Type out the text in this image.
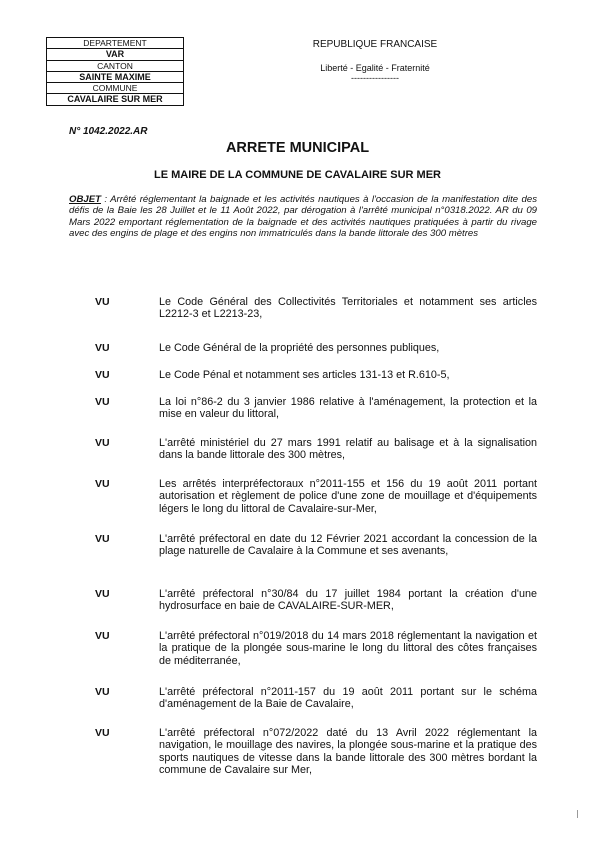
DEPARTEMENT
VAR
CANTON
SAINTE MAXIME
COMMUNE
CAVALAIRE SUR MER
REPUBLIQUE FRANCAISE
Liberté - Egalité - Fraternité
----------------
N° 1042.2022.AR
ARRETE MUNICIPAL
LE MAIRE DE LA COMMUNE DE CAVALAIRE SUR MER
OBJET : Arrêté réglementant la baignade et les activités nautiques à l'occasion de la manifestation dite des défis de la Baie les 28 Juillet et le 11 Août 2022, par dérogation à l'arrêté municipal n°0318.2022. AR du 09 Mars 2022 emportant réglementation de la baignade et des activités nautiques pratiquées à partir du rivage avec des engins de plage et des engins non immatriculés dans la bande littorale des 300 mètres
VU	Le Code Général des Collectivités Territoriales et notamment ses articles L2212-3 et L2213-23,
VU	Le Code Général de la propriété des personnes publiques,
VU	Le Code Pénal et notamment ses articles 131-13 et R.610-5,
VU	La loi n°86-2 du 3 janvier 1986 relative à l'aménagement, la protection et la mise en valeur du littoral,
VU	L'arrêté ministériel du 27 mars 1991 relatif au balisage et à la signalisation dans la bande littorale des 300 mètres,
VU	Les arrêtés interpréfectoraux n°2011-155 et 156 du 19 août 2011 portant autorisation et règlement de police d'une zone de mouillage et d'équipements légers le long du littoral de Cavalaire-sur-Mer,
VU	L'arrêté préfectoral en date du 12 Février 2021 accordant la concession de la plage naturelle de Cavalaire à la Commune et ses avenants,
VU	L'arrêté préfectoral n°30/84 du 17 juillet 1984 portant la création d'une hydrosurface en baie de CAVALAIRE-SUR-MER,
VU	L'arrêté préfectoral n°019/2018 du 14 mars 2018 réglementant la navigation et la pratique de la plongée sous-marine le long du littoral des côtes françaises de méditerranée,
VU	L'arrêté préfectoral n°2011-157 du 19 août 2011 portant sur le schéma d'aménagement de la Baie de Cavalaire,
VU	L'arrêté préfectoral n°072/2022 daté du 13 Avril 2022 réglementant la navigation, le mouillage des navires, la plongée sous-marine et la pratique des sports nautiques de vitesse dans la bande littorale des 300 mètres bordant la commune de Cavalaire sur Mer,
